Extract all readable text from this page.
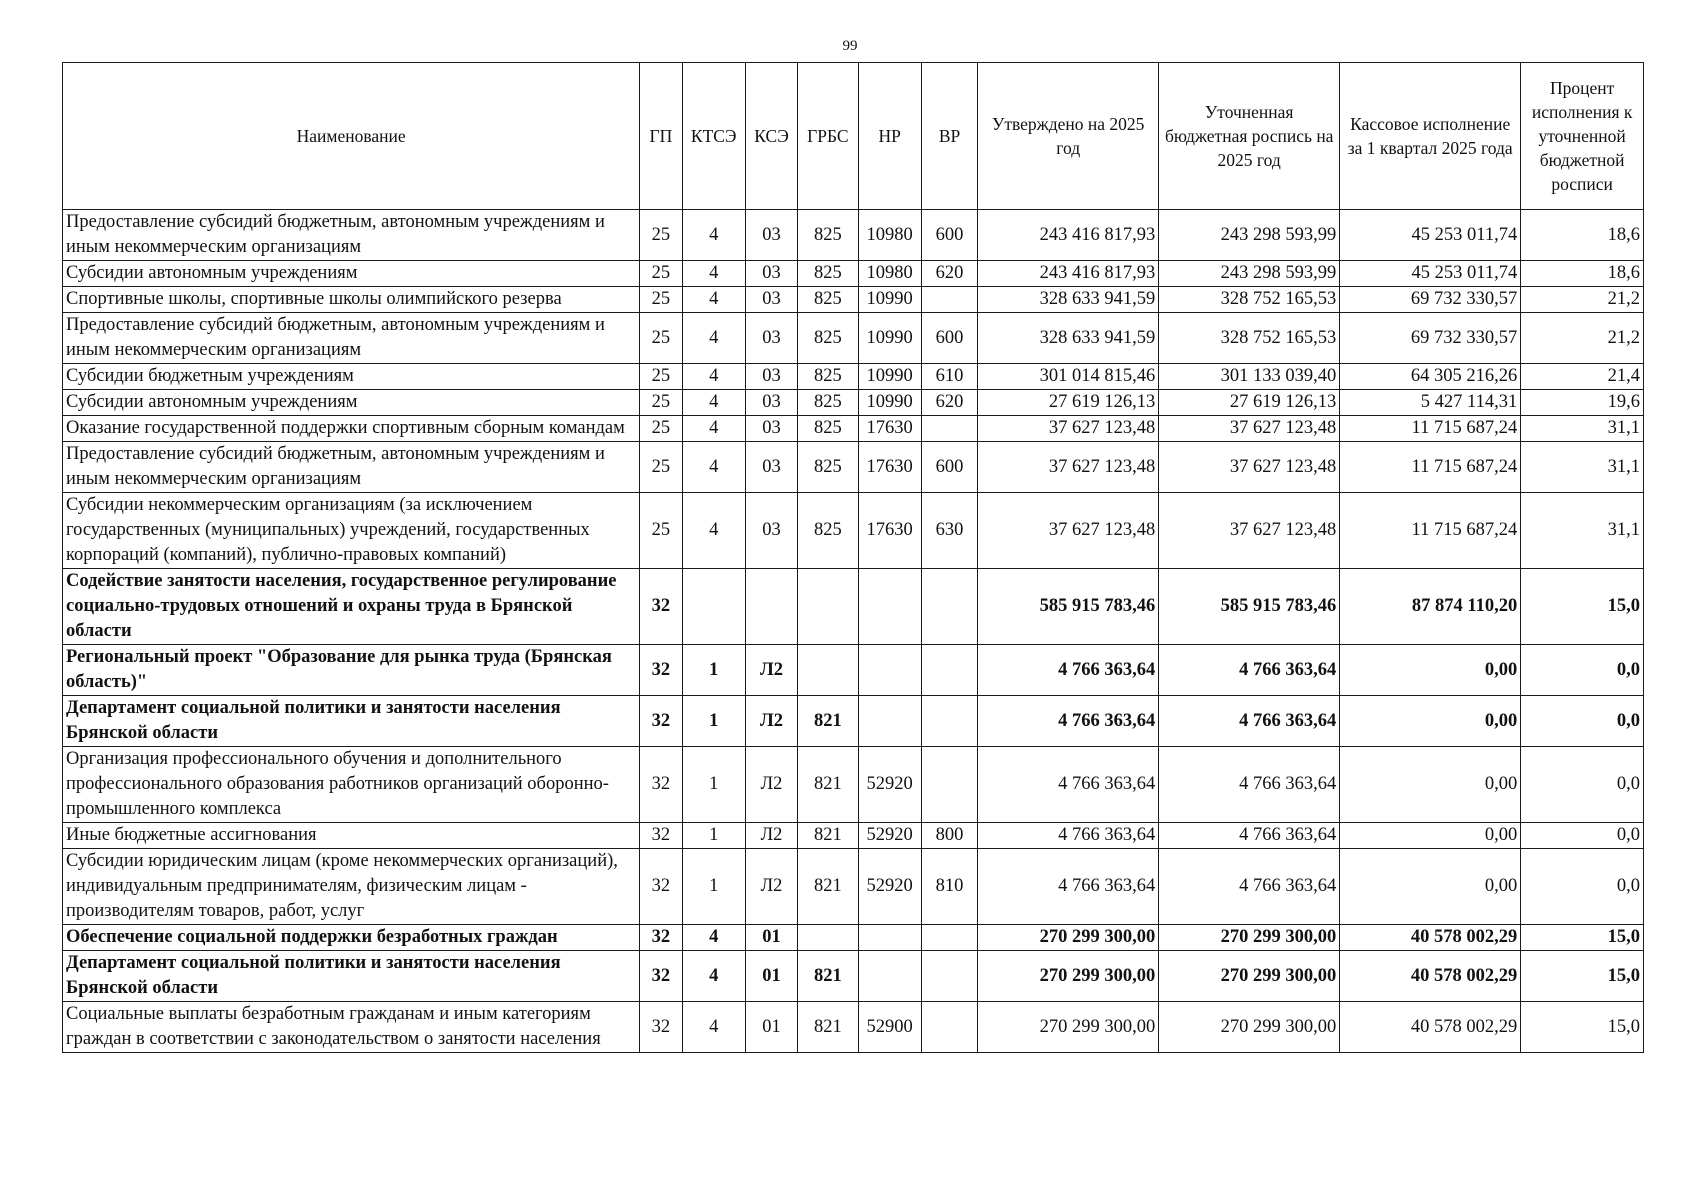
99
Наименование	ГП	КТСЭ	КСЭ	ГРБС	НР	ВР	Утверждено на 2025 год	Уточненная бюджетная роспись на 2025 год	Кассовое исполнение за 1 квартал 2025 года	Процент исполнения к уточненной бюджетной росписи
Предоставление субсидий бюджетным, автономным учреждениям и иным некоммерческим организациям	25	4	03	825	10980	600	243 416 817,93	243 298 593,99	45 253 011,74	18,6
Субсидии автономным учреждениям	25	4	03	825	10980	620	243 416 817,93	243 298 593,99	45 253 011,74	18,6
Спортивные школы, спортивные школы олимпийского резерва	25	4	03	825	10990		328 633 941,59	328 752 165,53	69 732 330,57	21,2
Предоставление субсидий бюджетным, автономным учреждениям и иным некоммерческим организациям	25	4	03	825	10990	600	328 633 941,59	328 752 165,53	69 732 330,57	21,2
Субсидии бюджетным учреждениям	25	4	03	825	10990	610	301 014 815,46	301 133 039,40	64 305 216,26	21,4
Субсидии автономным учреждениям	25	4	03	825	10990	620	27 619 126,13	27 619 126,13	5 427 114,31	19,6
Оказание государственной поддержки спортивным сборным командам	25	4	03	825	17630		37 627 123,48	37 627 123,48	11 715 687,24	31,1
Предоставление субсидий бюджетным, автономным учреждениям и иным некоммерческим организациям	25	4	03	825	17630	600	37 627 123,48	37 627 123,48	11 715 687,24	31,1
Субсидии некоммерческим организациям (за исключением государственных (муниципальных) учреждений, государственных корпораций (компаний), публично-правовых компаний)	25	4	03	825	17630	630	37 627 123,48	37 627 123,48	11 715 687,24	31,1
Содействие занятости населения, государственное регулирование социально-трудовых отношений и охраны труда в Брянской области	32						585 915 783,46	585 915 783,46	87 874 110,20	15,0
Региональный проект "Образование для рынка труда (Брянская область)"	32	1	Л2				4 766 363,64	4 766 363,64	0,00	0,0
Департамент социальной политики и занятости населения Брянской области	32	1	Л2	821			4 766 363,64	4 766 363,64	0,00	0,0
Организация профессионального обучения и дополнительного профессионального образования работников организаций оборонно-промышленного комплекса	32	1	Л2	821	52920		4 766 363,64	4 766 363,64	0,00	0,0
Иные бюджетные ассигнования	32	1	Л2	821	52920	800	4 766 363,64	4 766 363,64	0,00	0,0
Субсидии юридическим лицам (кроме некоммерческих организаций), индивидуальным предпринимателям, физическим лицам - производителям товаров, работ, услуг	32	1	Л2	821	52920	810	4 766 363,64	4 766 363,64	0,00	0,0
Обеспечение социальной поддержки безработных граждан	32	4	01				270 299 300,00	270 299 300,00	40 578 002,29	15,0
Департамент социальной политики и занятости населения Брянской области	32	4	01	821			270 299 300,00	270 299 300,00	40 578 002,29	15,0
Социальные выплаты безработным гражданам и иным категориям граждан в соответствии с законодательством о занятости населения	32	4	01	821	52900		270 299 300,00	270 299 300,00	40 578 002,29	15,0
